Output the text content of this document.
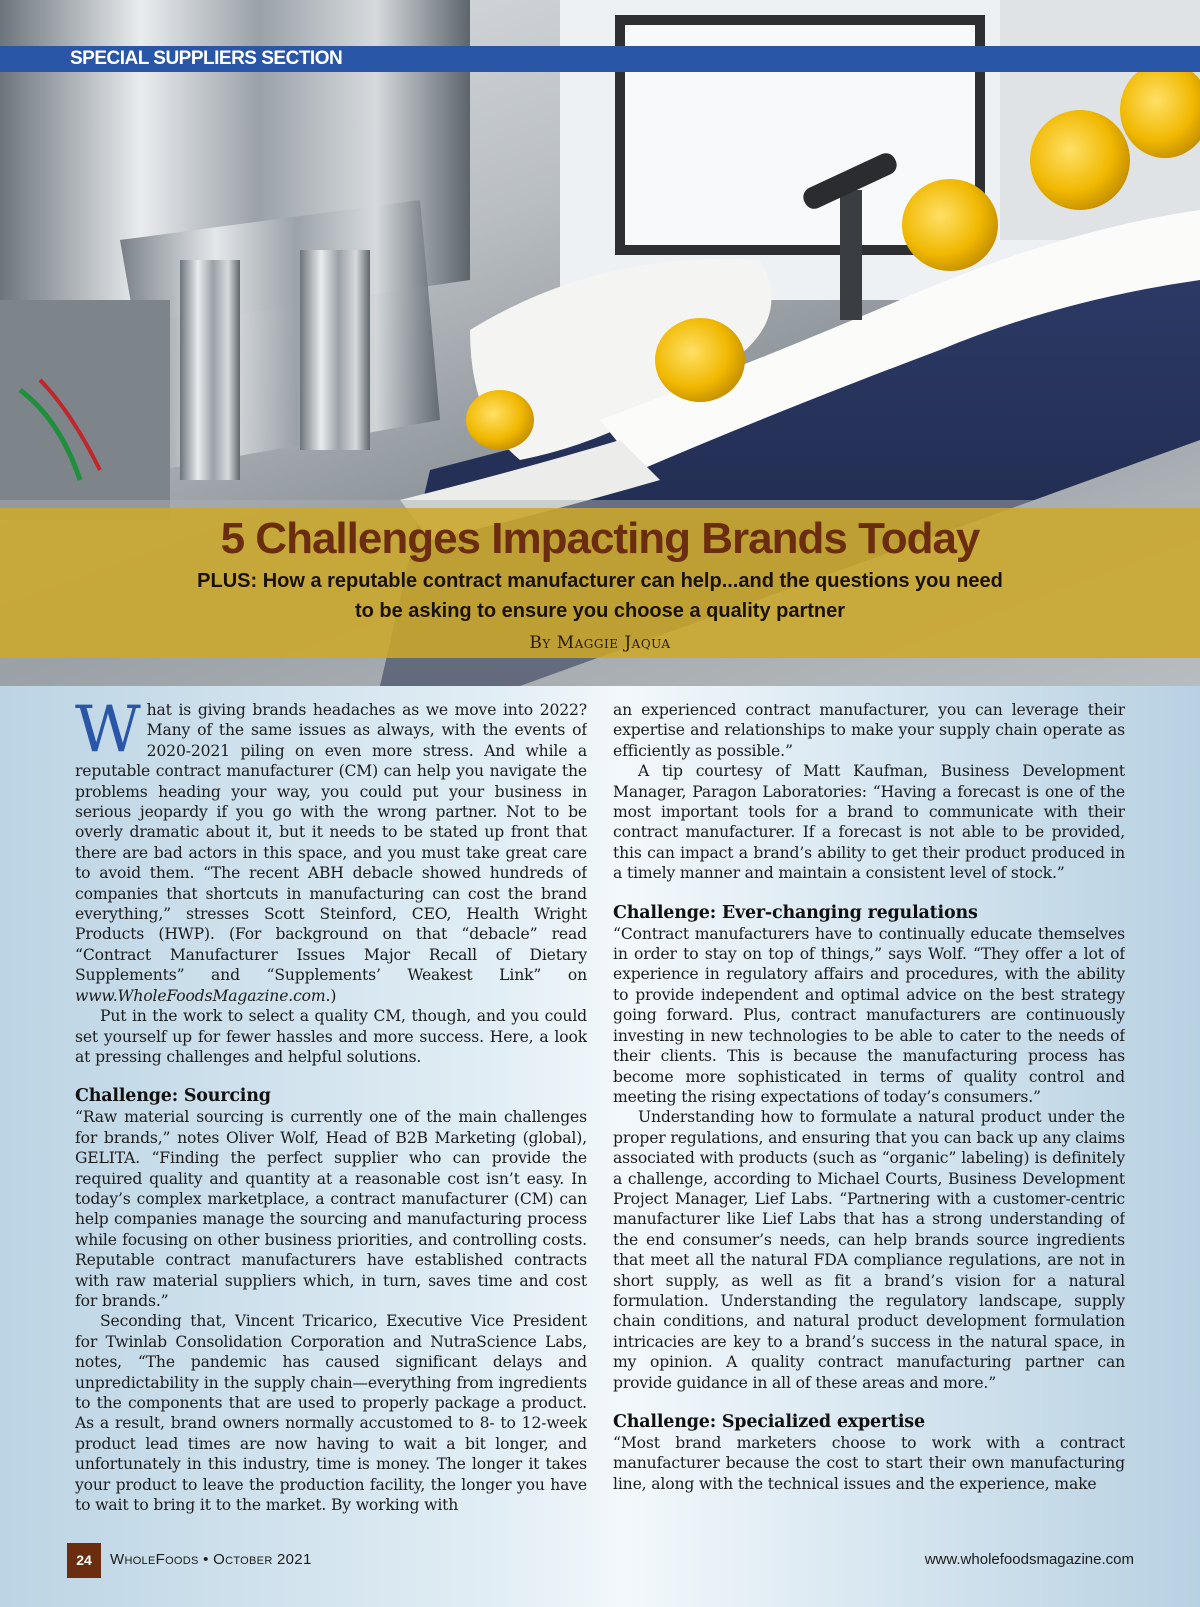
SPECIAL SUPPLIERS SECTION
5 Challenges Impacting Brands Today
PLUS: How a reputable contract manufacturer can help...and the questions you need to be asking to ensure you choose a quality partner
By Maggie Jaqua

What is giving brands headaches as we move into 2022? Many of the same issues as always, with the events of 2020-2021 piling on even more stress. And while a reputable contract manufacturer (CM) can help you navigate the problems heading your way, you could put your business in serious jeopardy if you go with the wrong partner. Not to be overly dramatic about it, but it needs to be stated up front that there are bad actors in this space, and you must take great care to avoid them. “The recent ABH debacle showed hundreds of companies that shortcuts in manufacturing can cost the brand everything,” stresses Scott Steinford, CEO, Health Wright Products (HWP). (For background on that “debacle” read “Contract Manufacturer Issues Major Recall of Dietary Supplements” and “Supplements’ Weakest Link” on www.WholeFoodsMagazine.com.)

Put in the work to select a quality CM, though, and you could set yourself up for fewer hassles and more success. Here, a look at pressing challenges and helpful solutions.

Challenge: Sourcing

“Raw material sourcing is currently one of the main challenges for brands,” notes Oliver Wolf, Head of B2B Marketing (global), GELITA. “Finding the perfect supplier who can provide the required quality and quantity at a reasonable cost isn’t easy. In today’s complex marketplace, a contract manufacturer (CM) can help companies manage the sourcing and manufacturing process while focusing on other business priorities, and controlling costs. Reputable contract manufacturers have established contracts with raw material suppliers which, in turn, saves time and cost for brands.”

Seconding that, Vincent Tricarico, Executive Vice President for Twinlab Consolidation Corporation and NutraScience Labs, notes, “The pandemic has caused significant delays and unpredictability in the supply chain—everything from ingredients to the components that are used to properly package a product. As a result, brand owners normally accustomed to 8- to 12-week product lead times are now having to wait a bit longer, and unfortunately in this industry, time is money. The longer it takes your product to leave the production facility, the longer you have to wait to bring it to the market. By working with

an experienced contract manufacturer, you can leverage their expertise and relationships to make your supply chain operate as efficiently as possible.”

A tip courtesy of Matt Kaufman, Business Development Manager, Paragon Laboratories: “Having a forecast is one of the most important tools for a brand to communicate with their contract manufacturer. If a forecast is not able to be provided, this can impact a brand’s ability to get their product produced in a timely manner and maintain a consistent level of stock.”

Challenge: Ever-changing regulations

“Contract manufacturers have to continually educate themselves in order to stay on top of things,” says Wolf. “They offer a lot of experience in regulatory affairs and procedures, with the ability to provide independent and optimal advice on the best strategy going forward. Plus, contract manufacturers are continuously investing in new technologies to be able to cater to the needs of their clients. This is because the manufacturing process has become more sophisticated in terms of quality control and meeting the rising expectations of today’s consumers.”

Understanding how to formulate a natural product under the proper regulations, and ensuring that you can back up any claims associated with products (such as “organic” labeling) is definitely a challenge, according to Michael Courts, Business Development Project Manager, Lief Labs. “Partnering with a customer-centric manufacturer like Lief Labs that has a strong understanding of the end consumer’s needs, can help brands source ingredients that meet all the natural FDA compliance regulations, are not in short supply, as well as fit a brand’s vision for a natural formulation. Understanding the regulatory landscape, supply chain conditions, and natural product development formulation intricacies are key to a brand’s success in the natural space, in my opinion. A quality contract manufacturing partner can provide guidance in all of these areas and more.”

Challenge: Specialized expertise

“Most brand marketers choose to work with a contract manufacturer because the cost to start their own manufacturing line, along with the technical issues and the experience, make

24	WholeFoods • October 2021	www.wholefoodsmagazine.com
